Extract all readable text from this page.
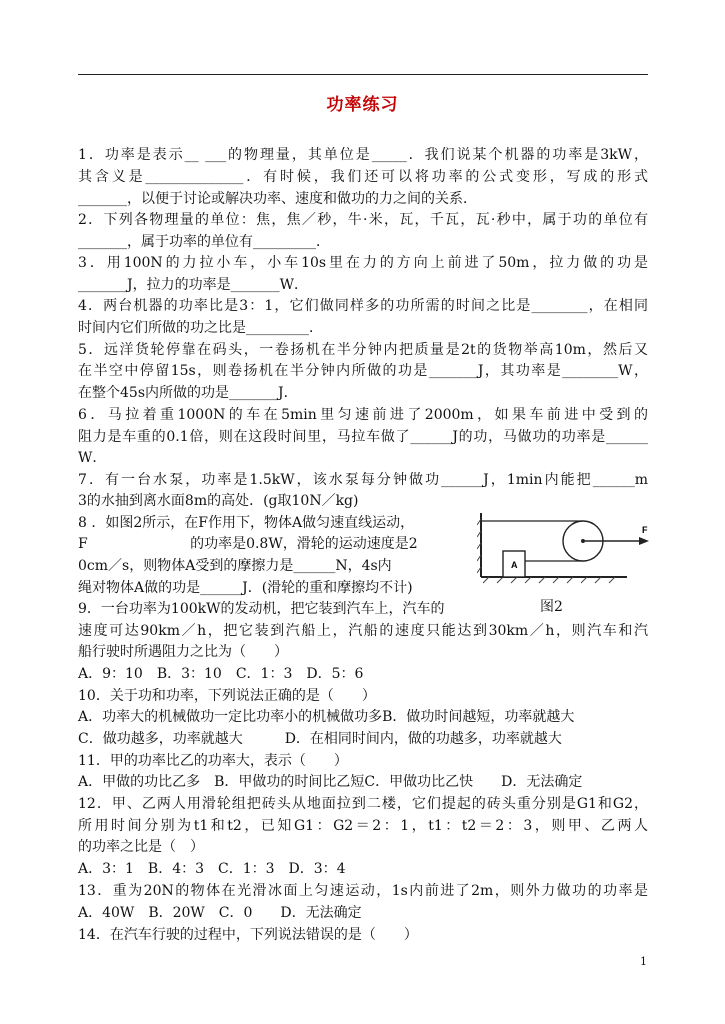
功率练习
1．功率是表示__ ___的物理量，其单位是_____．我们说某个机器的功率是3kW，
其含义是______________．有时候，我们还可以将功率的公式变形，写成的形式
_______，以便于讨论或解决功率、速度和做功的力之间的关系．
2．下列各物理量的单位：焦，焦／秒，牛·米，瓦，千瓦，瓦·秒中，属于功的单位有
_______，属于功率的单位有_________．
3．用100N的力拉小车，小车10s里在力的方向上前进了50m，拉力做的功是
_______J，拉力的功率是_______W．
4．两台机器的功率比是3：1，它们做同样多的功所需的时间之比是________，在相同
时间内它们所做的功之比是_________．
5．远洋货轮停靠在码头，一卷扬机在半分钟内把质量是2t的货物举高10m，然后又
在半空中停留15s，则卷扬机在半分钟内所做的功是_______J，其功率是________W，
在整个45s内所做的功是_______J．
6．马拉着重1000N的车在5min里匀速前进了2000m，如果车前进中受到的
阻力是车重的0.1倍，则在这段时间里，马拉车做了______J的功，马做功的功率是______
W．
7．有一台水泵，功率是1.5kW，该水泵每分钟做功______J，1min内能把______m
3的水抽到离水面8m的高处．(g取10N／kg)
8 ．如图2所示，在F作用下，物体A做匀速直线运动，
F                       的功率是0.8W，滑轮的运动速度是2
0cm／s，则物体A受到的摩擦力是______N，4s内
绳对物体A做的功是______J．(滑轮的重和摩擦均不计)
9．一台功率为100kW的发动机，把它装到汽车上，汽车的
速度可达90km／h，把它装到汽船上，汽船的速度只能达到30km／h，则汽车和汽
船行驶时所遇阻力之比为（　　）
A．9：10　B．3：10　C．1：3　D．5：6
10．关于功和功率，下列说法正确的是（　　）
A．功率大的机械做功一定比功率小的机械做功多B．做功时间越短，功率就越大
C．做功越多，功率就越大　　　D．在相同时间内，做的功越多，功率就越大
11．甲的功率比乙的功率大，表示（　　）
A．甲做的功比乙多　B．甲做功的时间比乙短C．甲做功比乙快　　D．无法确定
12．甲、乙两人用滑轮组把砖头从地面拉到二楼，它们提起的砖头重分别是G1和G2，
所用时间分别为t1和t2，已知G1：G2＝2：1，t1：t2＝2：3，则甲、乙两人
的功率之比是（　）
A．3：1　B．4：3　C．1：3　D．3：4
13．重为20N的物体在光滑冰面上匀速运动，1s内前进了2m，则外力做功的功率是
A．40W　B．20W　C．0　　D．无法确定
14．在汽车行驶的过程中，下列说法错误的是（　　）
A
F
图2
1
